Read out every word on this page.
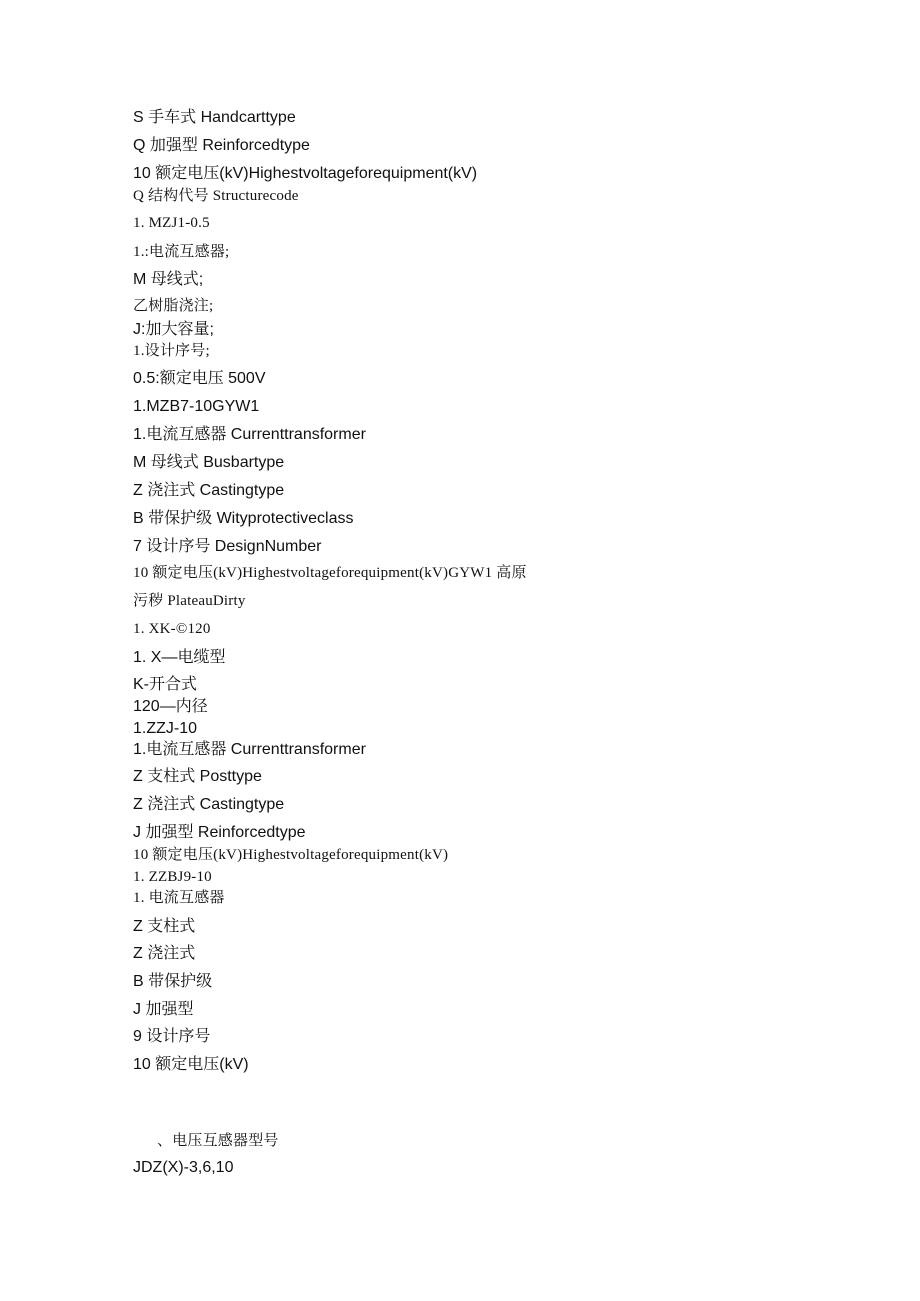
S 手车式 Handcarttype
Q 加强型 Reinforcedtype
10 额定电压(kV)Highestvoltageforequipment(kV)
Q 结构代号 Structurecode
1. MZJ1-0.5
1.:电流互感器;
M 母线式;
乙树脂浇注;
J:加大容量;
1.设计序号;
0.5:额定电压 500V
1.MZB7-10GYW1
1.电流互感器 Currenttransformer
M 母线式 Busbartype
Z 浇注式 Castingtype
B 带保护级 Wityprotectiveclass
7 设计序号 DesignNumber
10 额定电压(kV)Highestvoltageforequipment(kV)GYW1 高原
污秽 PlateauDirty
1. XK-©120
1. X—电缆型
K-开合式
120—内径
1.ZZJ-10
1.电流互感器 Currenttransformer
Z 支柱式 Posttype
Z 浇注式 Castingtype
J 加强型 Reinforcedtype
10 额定电压(kV)Highestvoltageforequipment(kV)
1. ZZBJ9-10
1. 电流互感器
Z 支柱式
Z 浇注式
B 带保护级
J 加强型
9 设计序号
10 额定电压(kV)
、电压互感器型号
JDZ(X)-3,6,10
